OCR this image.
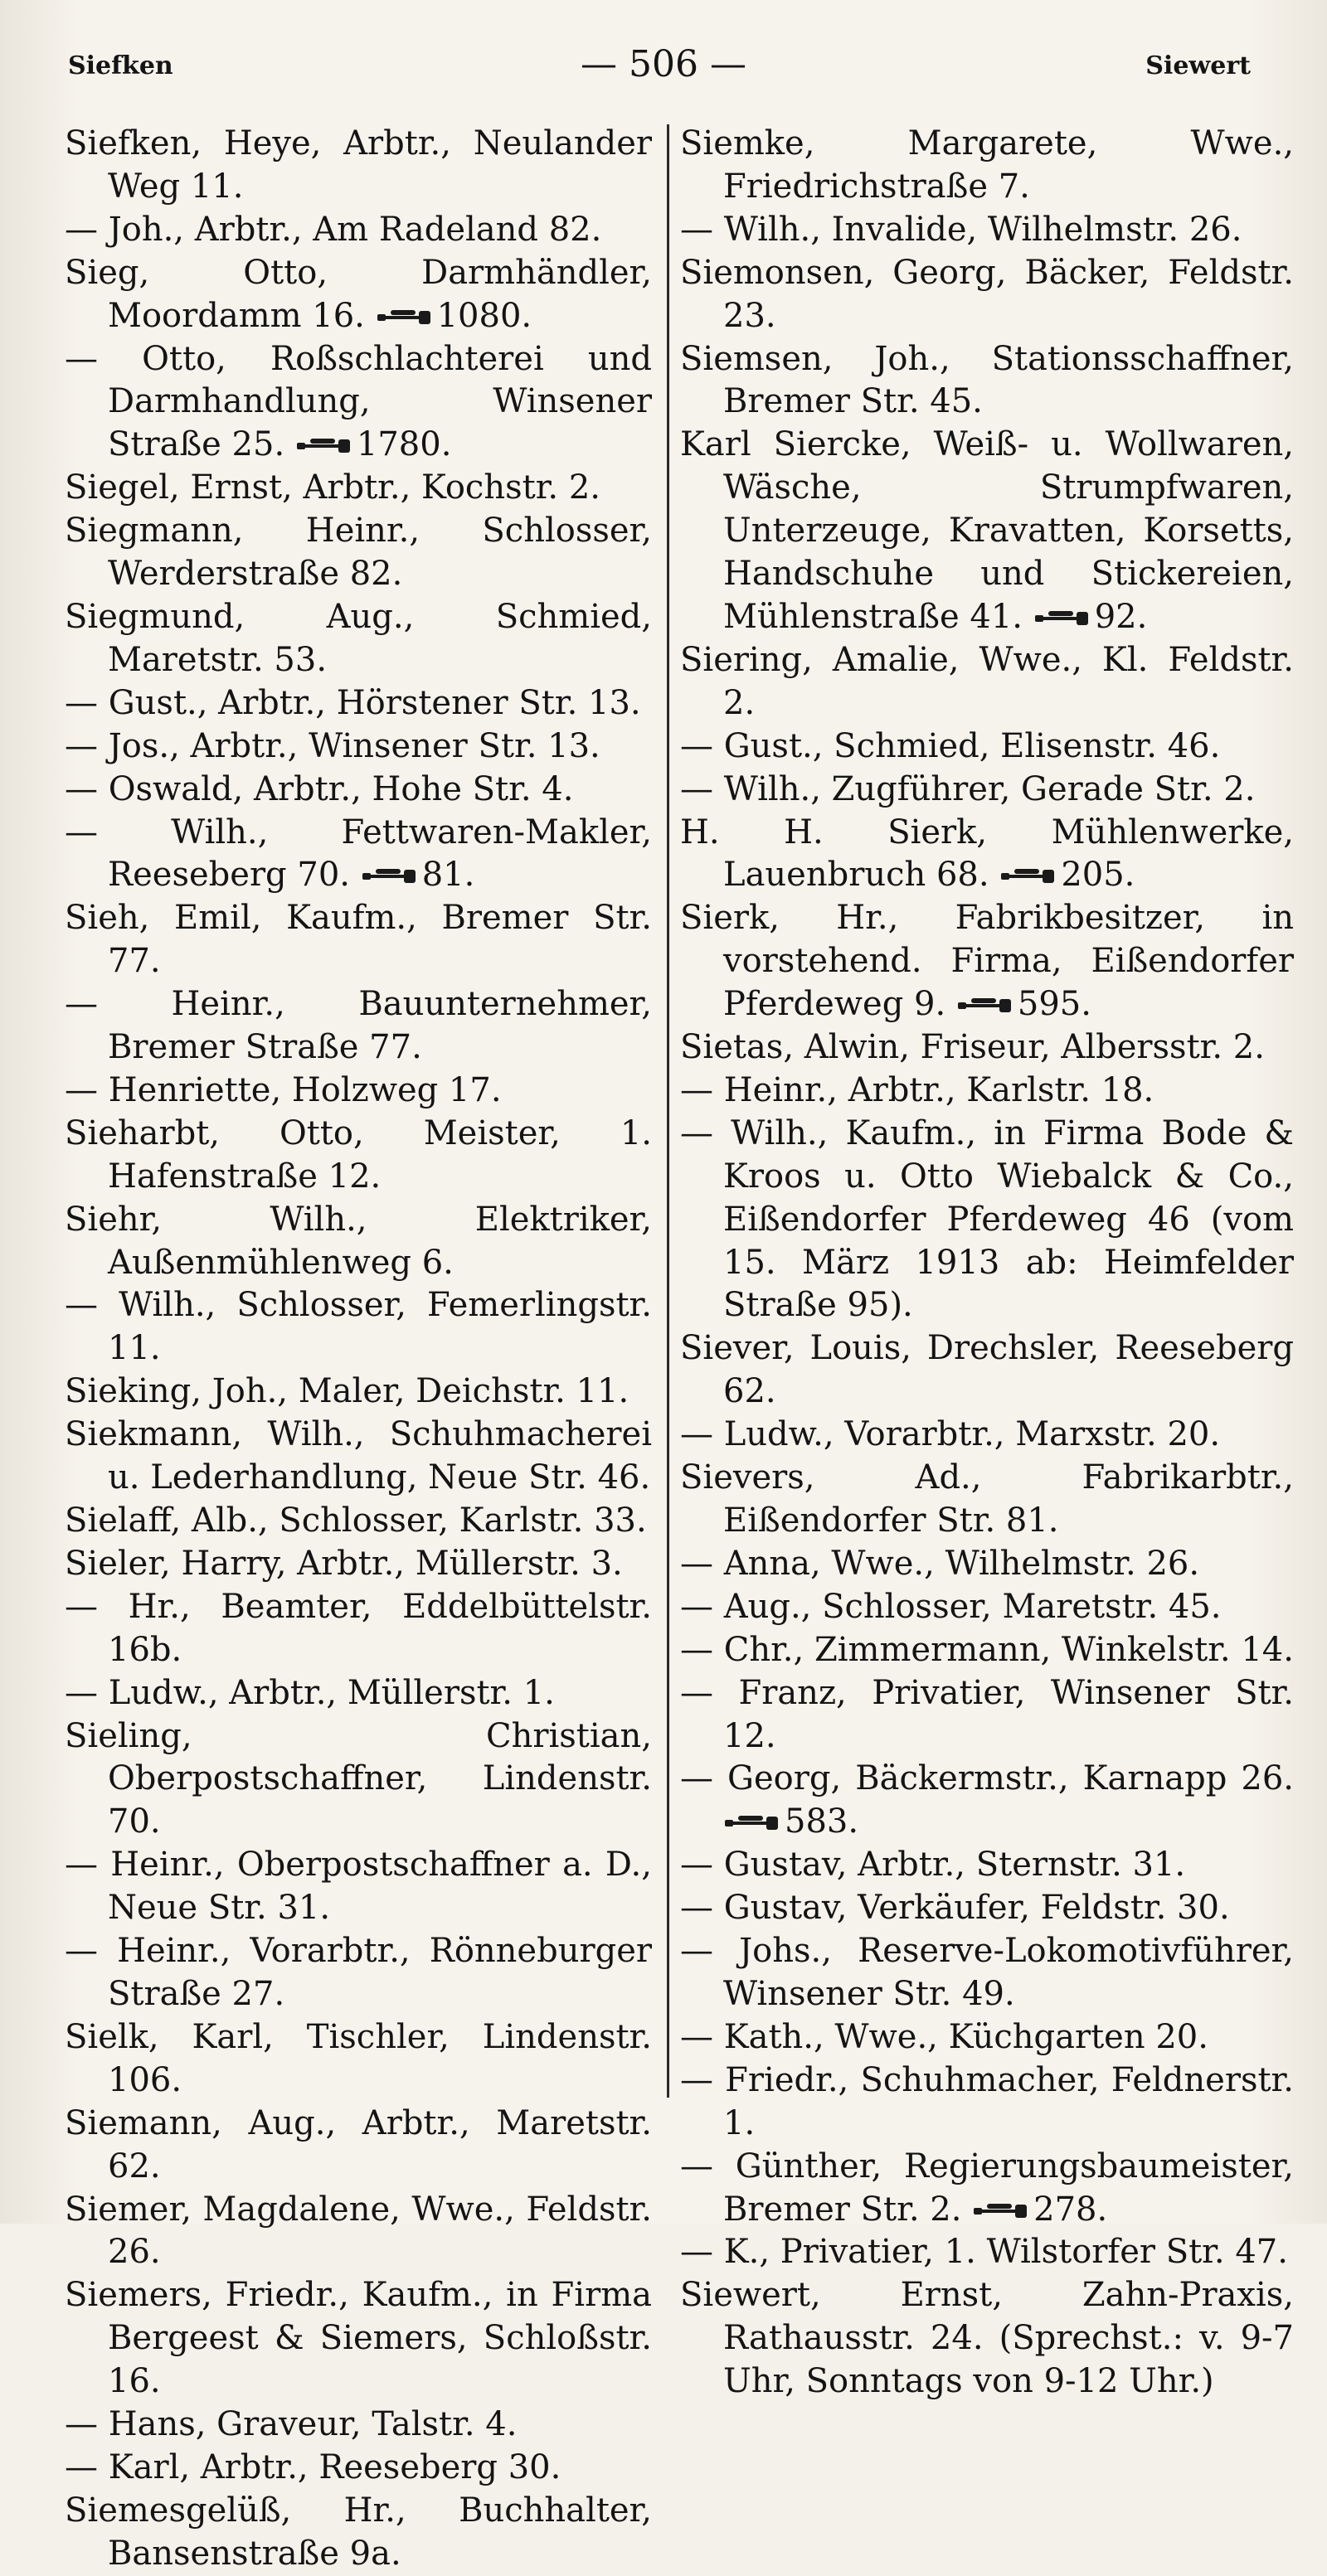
Siefken	— 506 —	Siewert

Siefken, Heye, Arbtr., Neulander Weg 11.

— Joh., Arbtr., Am Radeland 82.

Sieg, Otto, Darmhändler, Moordamm 16. 1080.

— Otto, Roßschlachterei und Darmhandlung, Winsener Straße 25. 1780.

Siegel, Ernst, Arbtr., Kochstr. 2.

Siegmann, Heinr., Schlosser, Werderstraße 82.

Siegmund, Aug., Schmied, Maretstr. 53.

— Gust., Arbtr., Hörstener Str. 13.

— Jos., Arbtr., Winsener Str. 13.

— Oswald, Arbtr., Hohe Str. 4.

— Wilh., Fettwaren-Makler, Reeseberg 70. 81.

Sieh, Emil, Kaufm., Bremer Str. 77.

— Heinr., Bauunternehmer, Bremer Straße 77.

— Henriette, Holzweg 17.

Sieharbt, Otto, Meister, 1. Hafenstraße 12.

Siehr, Wilh., Elektriker, Außenmühlenweg 6.

— Wilh., Schlosser, Femerlingstr. 11.

Sieking, Joh., Maler, Deichstr. 11.

Siekmann, Wilh., Schuhmacherei u. Lederhandlung, Neue Str. 46.

Sielaff, Alb., Schlosser, Karlstr. 33.

Sieler, Harry, Arbtr., Müllerstr. 3.

— Hr., Beamter, Eddelbüttelstr. 16b.

— Ludw., Arbtr., Müllerstr. 1.

Sieling, Christian, Oberpostschaffner, Lindenstr. 70.

— Heinr., Oberpostschaffner a. D., Neue Str. 31.

— Heinr., Vorarbtr., Rönneburger Straße 27.

Sielk, Karl, Tischler, Lindenstr. 106.

Siemann, Aug., Arbtr., Maretstr. 62.

Siemer, Magdalene, Wwe., Feldstr. 26.

Siemers, Friedr., Kaufm., in Firma Bergeest & Siemers, Schloßstr. 16.

— Hans, Graveur, Talstr. 4.

— Karl, Arbtr., Reeseberg 30.

Siemesgelüß, Hr., Buchhalter, Bansenstraße 9a.

Siemke, Margarete, Wwe., Friedrichstraße 7.

— Wilh., Invalide, Wilhelmstr. 26.

Siemonsen, Georg, Bäcker, Feldstr. 23.

Siemsen, Joh., Stationsschaffner, Bremer Str. 45.

Karl Siercke, Weiß- u. Wollwaren, Wäsche, Strumpfwaren, Unterzeuge, Kravatten, Korsetts, Handschuhe und Stickereien, Mühlenstraße 41. 92.

Siering, Amalie, Wwe., Kl. Feldstr. 2.

— Gust., Schmied, Elisenstr. 46.

— Wilh., Zugführer, Gerade Str. 2.

H. H. Sierk, Mühlenwerke, Lauenbruch 68. 205.

Sierk, Hr., Fabrikbesitzer, in vorstehend. Firma, Eißendorfer Pferdeweg 9. 595.

Sietas, Alwin, Friseur, Albersstr. 2.

— Heinr., Arbtr., Karlstr. 18.

— Wilh., Kaufm., in Firma Bode & Kroos u. Otto Wiebalck & Co., Eißendorfer Pferdeweg 46 (vom 15. März 1913 ab: Heimfelder Straße 95).

Siever, Louis, Drechsler, Reeseberg 62.

— Ludw., Vorarbtr., Marxstr. 20.

Sievers, Ad., Fabrikarbtr., Eißendorfer Str. 81.

— Anna, Wwe., Wilhelmstr. 26.

— Aug., Schlosser, Maretstr. 45.

— Chr., Zimmermann, Winkelstr. 14.

— Franz, Privatier, Winsener Str. 12.

— Georg, Bäckermstr., Karnapp 26. 583.

— Gustav, Arbtr., Sternstr. 31.

— Gustav, Verkäufer, Feldstr. 30.

— Johs., Reserve-Lokomotivführer, Winsener Str. 49.

— Kath., Wwe., Küchgarten 20.

— Friedr., Schuhmacher, Feldnerstr. 1.

— Günther, Regierungsbaumeister, Bremer Str. 2. 278.

— K., Privatier, 1. Wilstorfer Str. 47.

Siewert, Ernst, Zahn-Praxis, Rathausstr. 24. (Sprechst.: v. 9-7 Uhr, Sonntags von 9-12 Uhr.)
